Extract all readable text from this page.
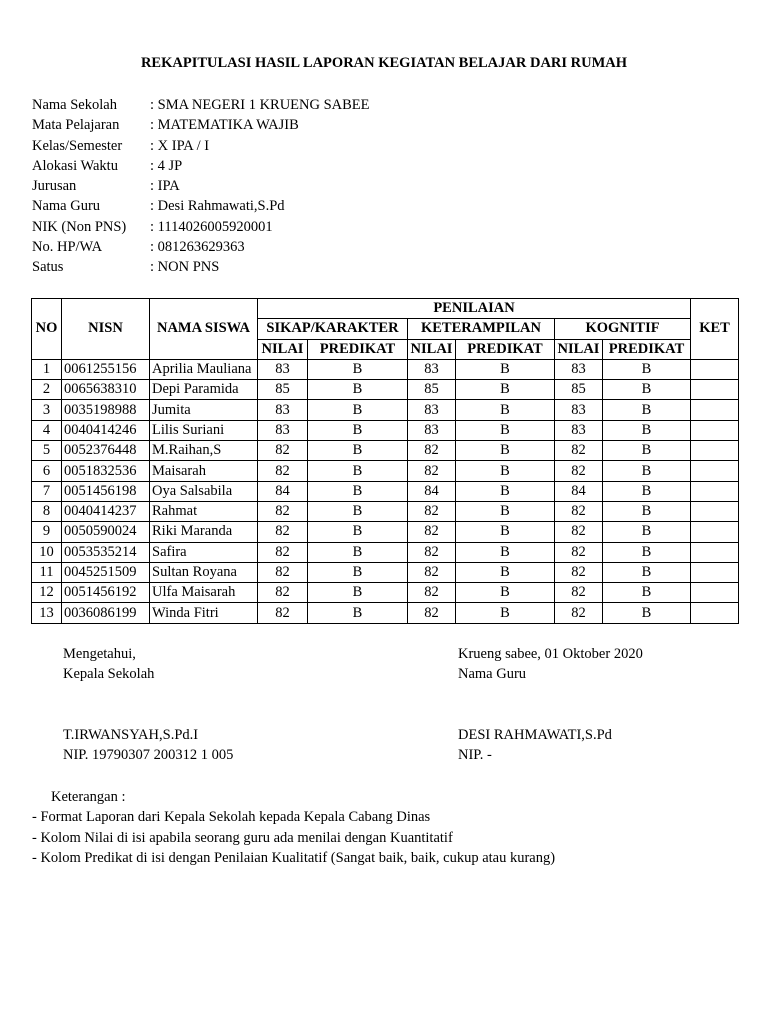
REKAPITULASI HASIL LAPORAN KEGIATAN BELAJAR DARI RUMAH
Nama Sekolah : SMA NEGERI 1 KRUENG SABEE
Mata Pelajaran : MATEMATIKA WAJIB
Kelas/Semester : X IPA / I
Alokasi Waktu : 4 JP
Jurusan	: IPA
Nama Guru	: Desi Rahmawati,S.Pd
NIK (Non PNS) : 1114026005920001
No. HP/WA	: 081263629363
Satus	: NON PNS
NO	NISN	NAMA SISWA	PENILAIAN						KET
			SIKAP/KARAKTER		KETERAMPILAN		KOGNITIF		
			NILAI	PREDIKAT	NILAI	PREDIKAT	NILAI	PREDIKAT	
1	0061255156	Aprilia Mauliana	83	B	83	B	83	B	
2	0065638310	Depi Paramida	85	B	85	B	85	B	
3	0035198988	Jumita	83	B	83	B	83	B	
4	0040414246	Lilis Suriani	83	B	83	B	83	B	
5	0052376448	M.Raihan,S	82	B	82	B	82	B	
6	0051832536	Maisarah	82	B	82	B	82	B	
7	0051456198	Oya Salsabila	84	B	84	B	84	B	
8	0040414237	Rahmat	82	B	82	B	82	B	
9	0050590024	Riki Maranda	82	B	82	B	82	B	
10	0053535214	Safira	82	B	82	B	82	B	
11	0045251509	Sultan Royana	82	B	82	B	82	B	
12	0051456192	Ulfa Maisarah	82	B	82	B	82	B	
13	0036086199	Winda Fitri	82	B	82	B	82	B	
Mengetahui,
Kepala Sekolah
T.IRWANSYAH,S.Pd.I
NIP. 19790307 200312 1 005
Krueng sabee, 01 Oktober 2020
Nama Guru
DESI RAHMAWATI,S.Pd
NIP. -
Keterangan :
- Format Laporan dari Kepala Sekolah kepada Kepala Cabang Dinas
- Kolom Nilai di isi apabila seorang guru ada menilai dengan Kuantitatif
- Kolom Predikat di isi dengan Penilaian Kualitatif (Sangat baik, baik, cukup atau kurang)
